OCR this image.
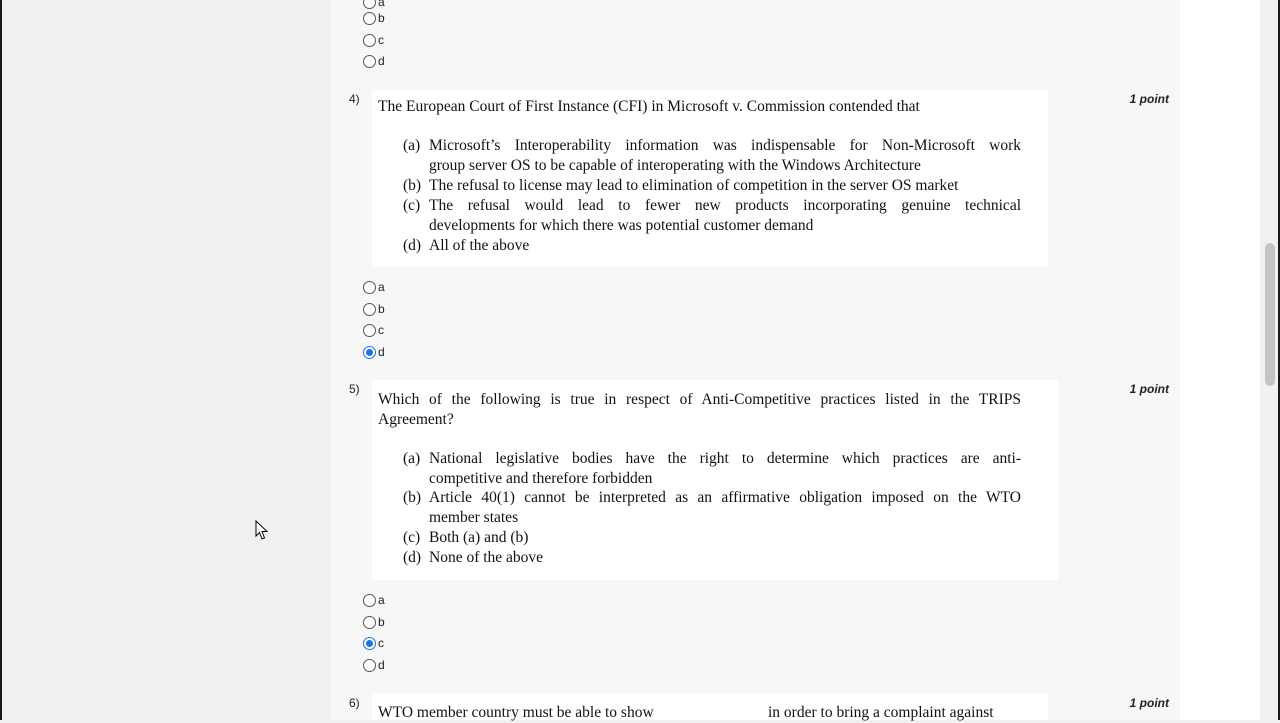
a
b
c
d
4)	1 point
The European Court of First Instance (CFI) in Microsoft v. Commission contended that
(a) Microsoft’s Interoperability information was indispensable for Non-Microsoft work
group server OS to be capable of interoperating with the Windows Architecture
(b) The refusal to license may lead to elimination of competition in the server OS market
(c) The refusal would lead to fewer new products incorporating genuine technical
developments for which there was potential customer demand
(d) All of the above
a
b
c
d
5)	1 point
Which of the following is true in respect of Anti-Competitive practices listed in the TRIPS
Agreement?
(a) National legislative bodies have the right to determine which practices are anti-
competitive and therefore forbidden
(b) Article 40(1) cannot be interpreted as an affirmative obligation imposed on the WTO
member states
(c) Both (a) and (b)
(d) None of the above
a
b
c
d
6)	1 point
WTO member country must be able to show	in order to bring a complaint against
